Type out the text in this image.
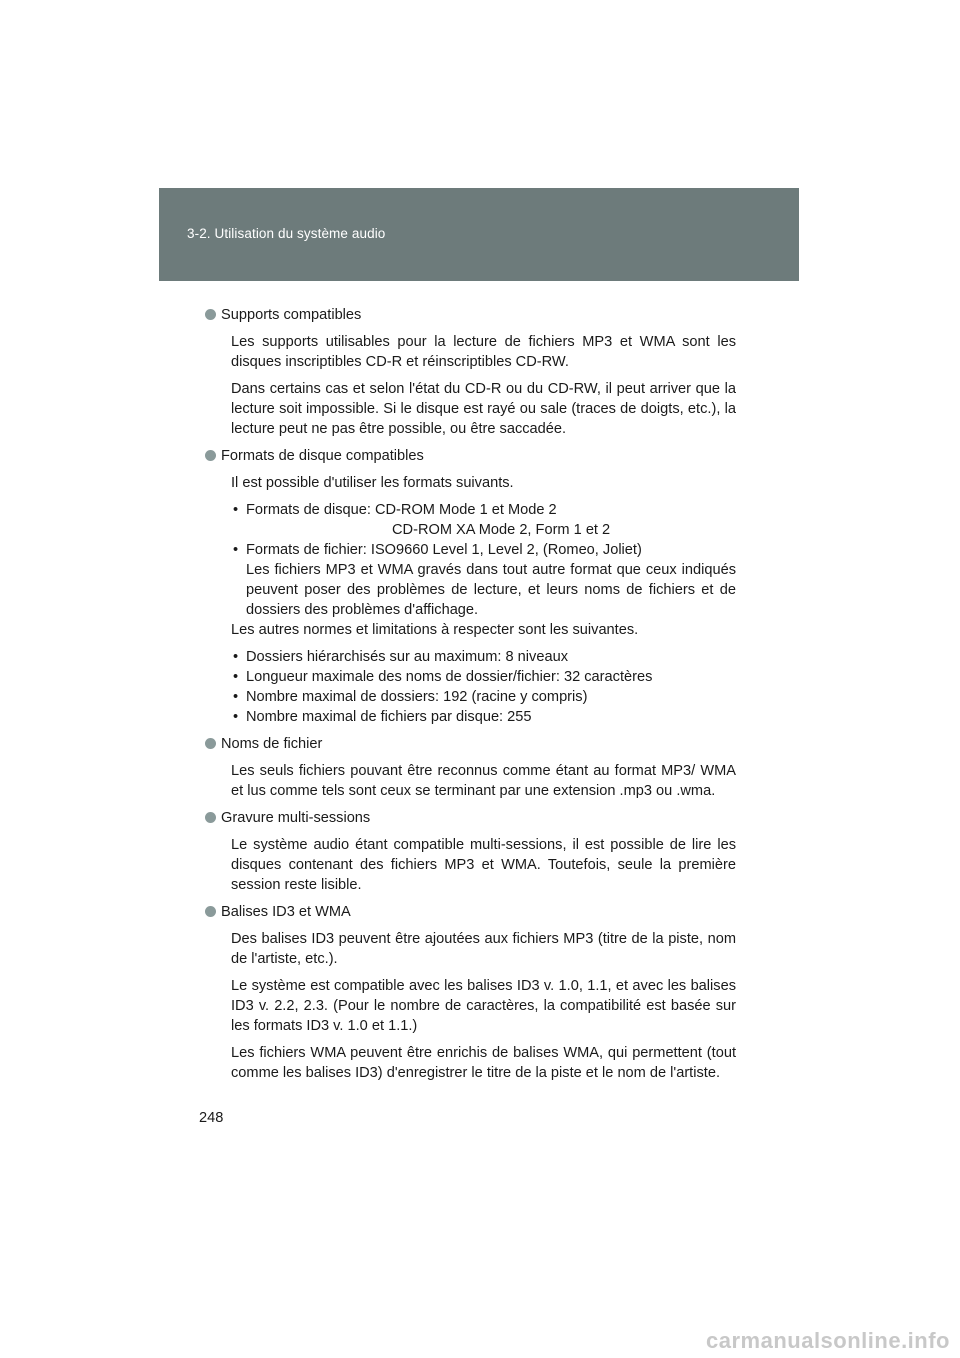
3-2. Utilisation du système audio
Supports compatibles

Les supports utilisables pour la lecture de fichiers MP3 et WMA sont les disques inscriptibles CD-R et réinscriptibles CD-RW.

Dans certains cas et selon l'état du CD-R ou du CD-RW, il peut arriver que la lecture soit impossible. Si le disque est rayé ou sale (traces de doigts, etc.), la lecture peut ne pas être possible, ou être saccadée.

Formats de disque compatibles

Il est possible d'utiliser les formats suivants.

• Formats de disque: CD-ROM Mode 1 et Mode 2
CD-ROM XA Mode 2, Form 1 et 2
• Formats de fichier: ISO9660 Level 1, Level 2, (Romeo, Joliet)
Les fichiers MP3 et WMA gravés dans tout autre format que ceux indiqués peuvent poser des problèmes de lecture, et leurs noms de fichiers et de dossiers des problèmes d'affichage.
Les autres normes et limitations à respecter sont les suivantes.
• Dossiers hiérarchisés sur au maximum: 8 niveaux
• Longueur maximale des noms de dossier/fichier: 32 caractères
• Nombre maximal de dossiers: 192 (racine y compris)
• Nombre maximal de fichiers par disque: 255
Noms de fichier

Les seuls fichiers pouvant être reconnus comme étant au format MP3/ WMA et lus comme tels sont ceux se terminant par une extension .mp3 ou .wma.

Gravure multi-sessions

Le système audio étant compatible multi-sessions, il est possible de lire les disques contenant des fichiers MP3 et WMA. Toutefois, seule la première session reste lisible.

Balises ID3 et WMA

Des balises ID3 peuvent être ajoutées aux fichiers MP3 (titre de la piste, nom de l'artiste, etc.).

Le système est compatible avec les balises ID3 v. 1.0, 1.1, et avec les balises ID3 v. 2.2, 2.3. (Pour le nombre de caractères, la compatibilité est basée sur les formats ID3 v. 1.0 et 1.1.)

Les fichiers WMA peuvent être enrichis de balises WMA, qui permettent (tout comme les balises ID3) d'enregistrer le titre de la piste et le nom de l'artiste.

248
carmanualsonline.info
